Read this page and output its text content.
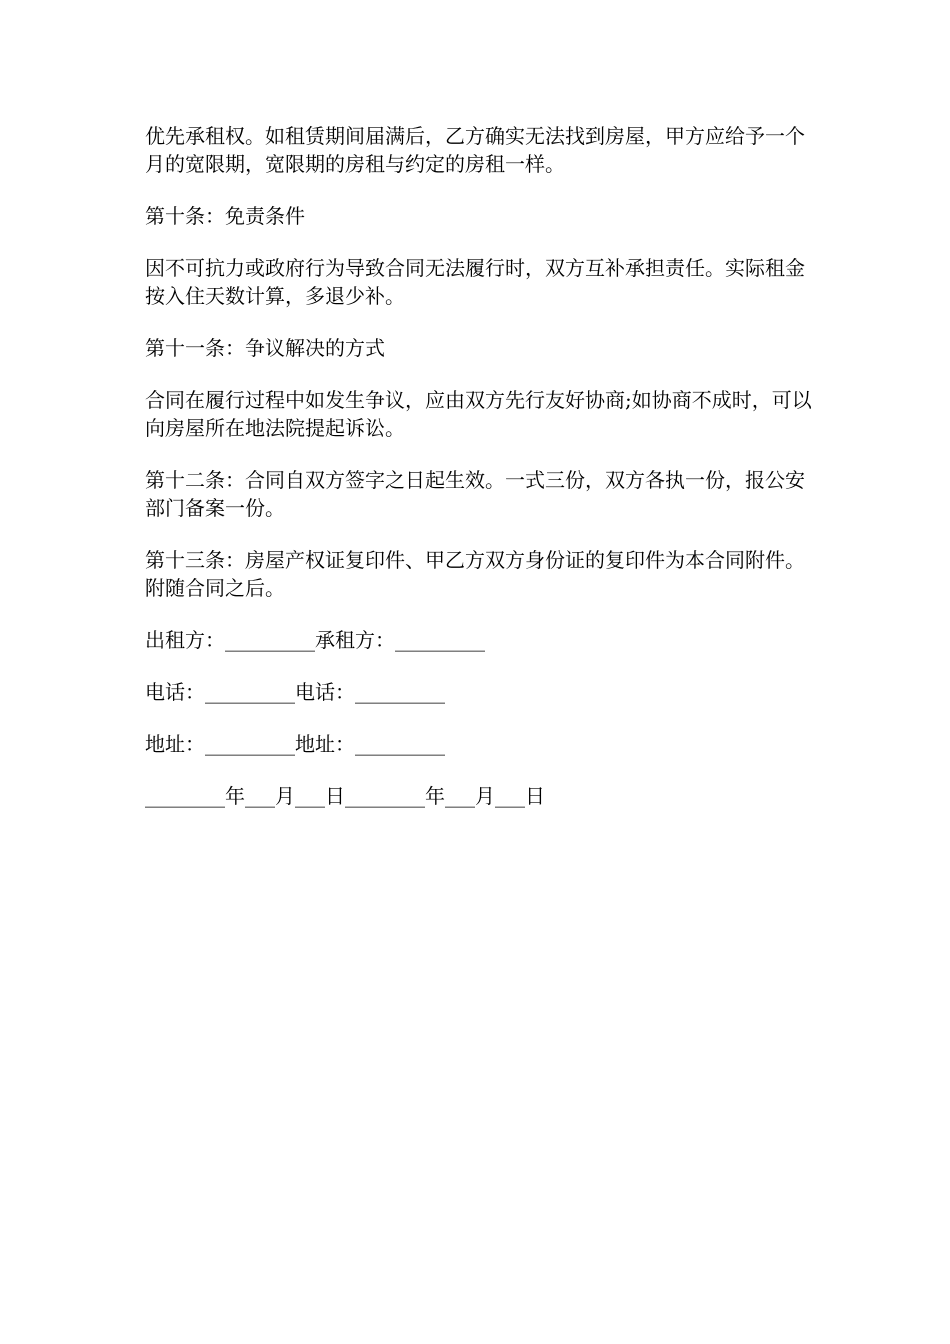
优先承租权。如租赁期间届满后，乙方确实无法找到房屋，甲方应给予一个月的宽限期，宽限期的房租与约定的房租一样。

第十条：免责条件

因不可抗力或政府行为导致合同无法履行时，双方互补承担责任。实际租金按入住天数计算，多退少补。

第十一条：争议解决的方式

合同在履行过程中如发生争议，应由双方先行友好协商;如协商不成时，可以向房屋所在地法院提起诉讼。

第十二条：合同自双方签字之日起生效。一式三份，双方各执一份，报公安部门备案一份。

第十三条：房屋产权证复印件、甲乙方双方身份证的复印件为本合同附件。附随合同之后。

出租方：_________承租方：_________

电话：_________电话：_________

地址：_________地址：_________

________年___月___日________年___月___日
